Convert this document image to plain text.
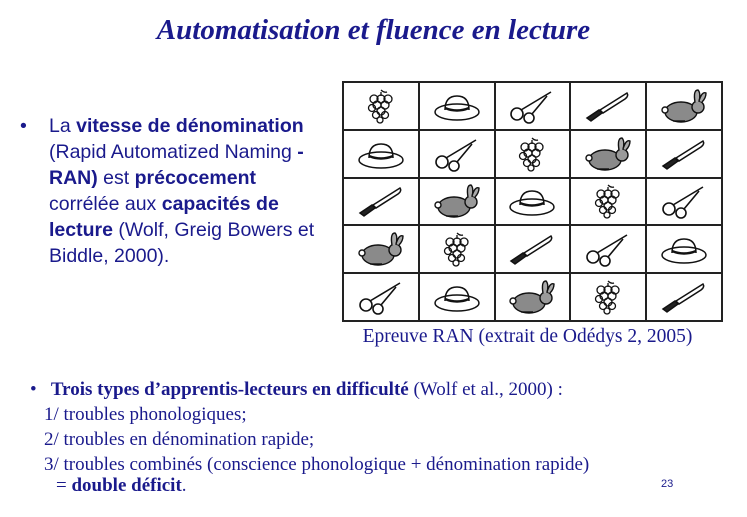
Automatisation et fluence en lecture
• La vitesse de dénomination (Rapid Automatized Naming - RAN) est précocement corrélée aux capacités de lecture (Wolf, Greig Bowers et Biddle, 2000).
Epreuve RAN (extrait de Odédys 2, 2005)
• Trois types d’apprentis-lecteurs en difficulté (Wolf et al., 2000) :
1/ troubles phonologiques;
2/ troubles en dénomination rapide;
3/ troubles combinés (conscience phonologique + dénomination rapide)
= double déficit.	23
